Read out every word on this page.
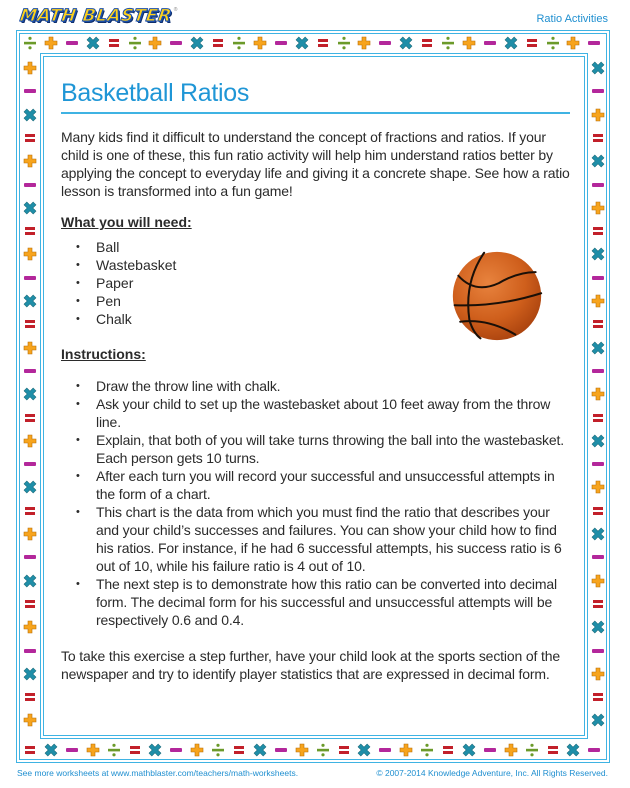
MATH BLASTER ®
Ratio Activities
Basketball Ratios

Many kids find it difficult to understand the concept of fractions and ratios. If your child is one of these, this fun ratio activity will help him understand ratios better by applying the concept to everyday life and giving it a concrete shape. See how a ratio lesson is transformed into a fun game!

What you will need:
• Ball
• Wastebasket
• Paper
• Pen
• Chalk
Instructions:
• Draw the throw line with chalk.
• Ask your child to set up the wastebasket about 10 feet away from the throw line.
• Explain, that both of you will take turns throwing the ball into the wastebasket. Each person gets 10 turns.
• After each turn you will record your successful and unsuccessful attempts in the form of a chart.
• This chart is the data from which you must find the ratio that describes your and your child’s successes and failures. You can show your child how to find his ratios. For instance, if he had 6 successful attempts, his success ratio is 6 out of 10, while his failure ratio is 4 out of 10.
• The next step is to demonstrate how this ratio can be converted into decimal form. The decimal form for his successful and unsuccessful attempts will be respectively 0.6 and 0.4.

To take this exercise a step further, have your child look at the sports section of the newspaper and try to identify player statistics that are expressed in decimal form.

See more worksheets at www.mathblaster.com/teachers/math-worksheets.	© 2007-2014 Knowledge Adventure, Inc. All Rights Reserved.
